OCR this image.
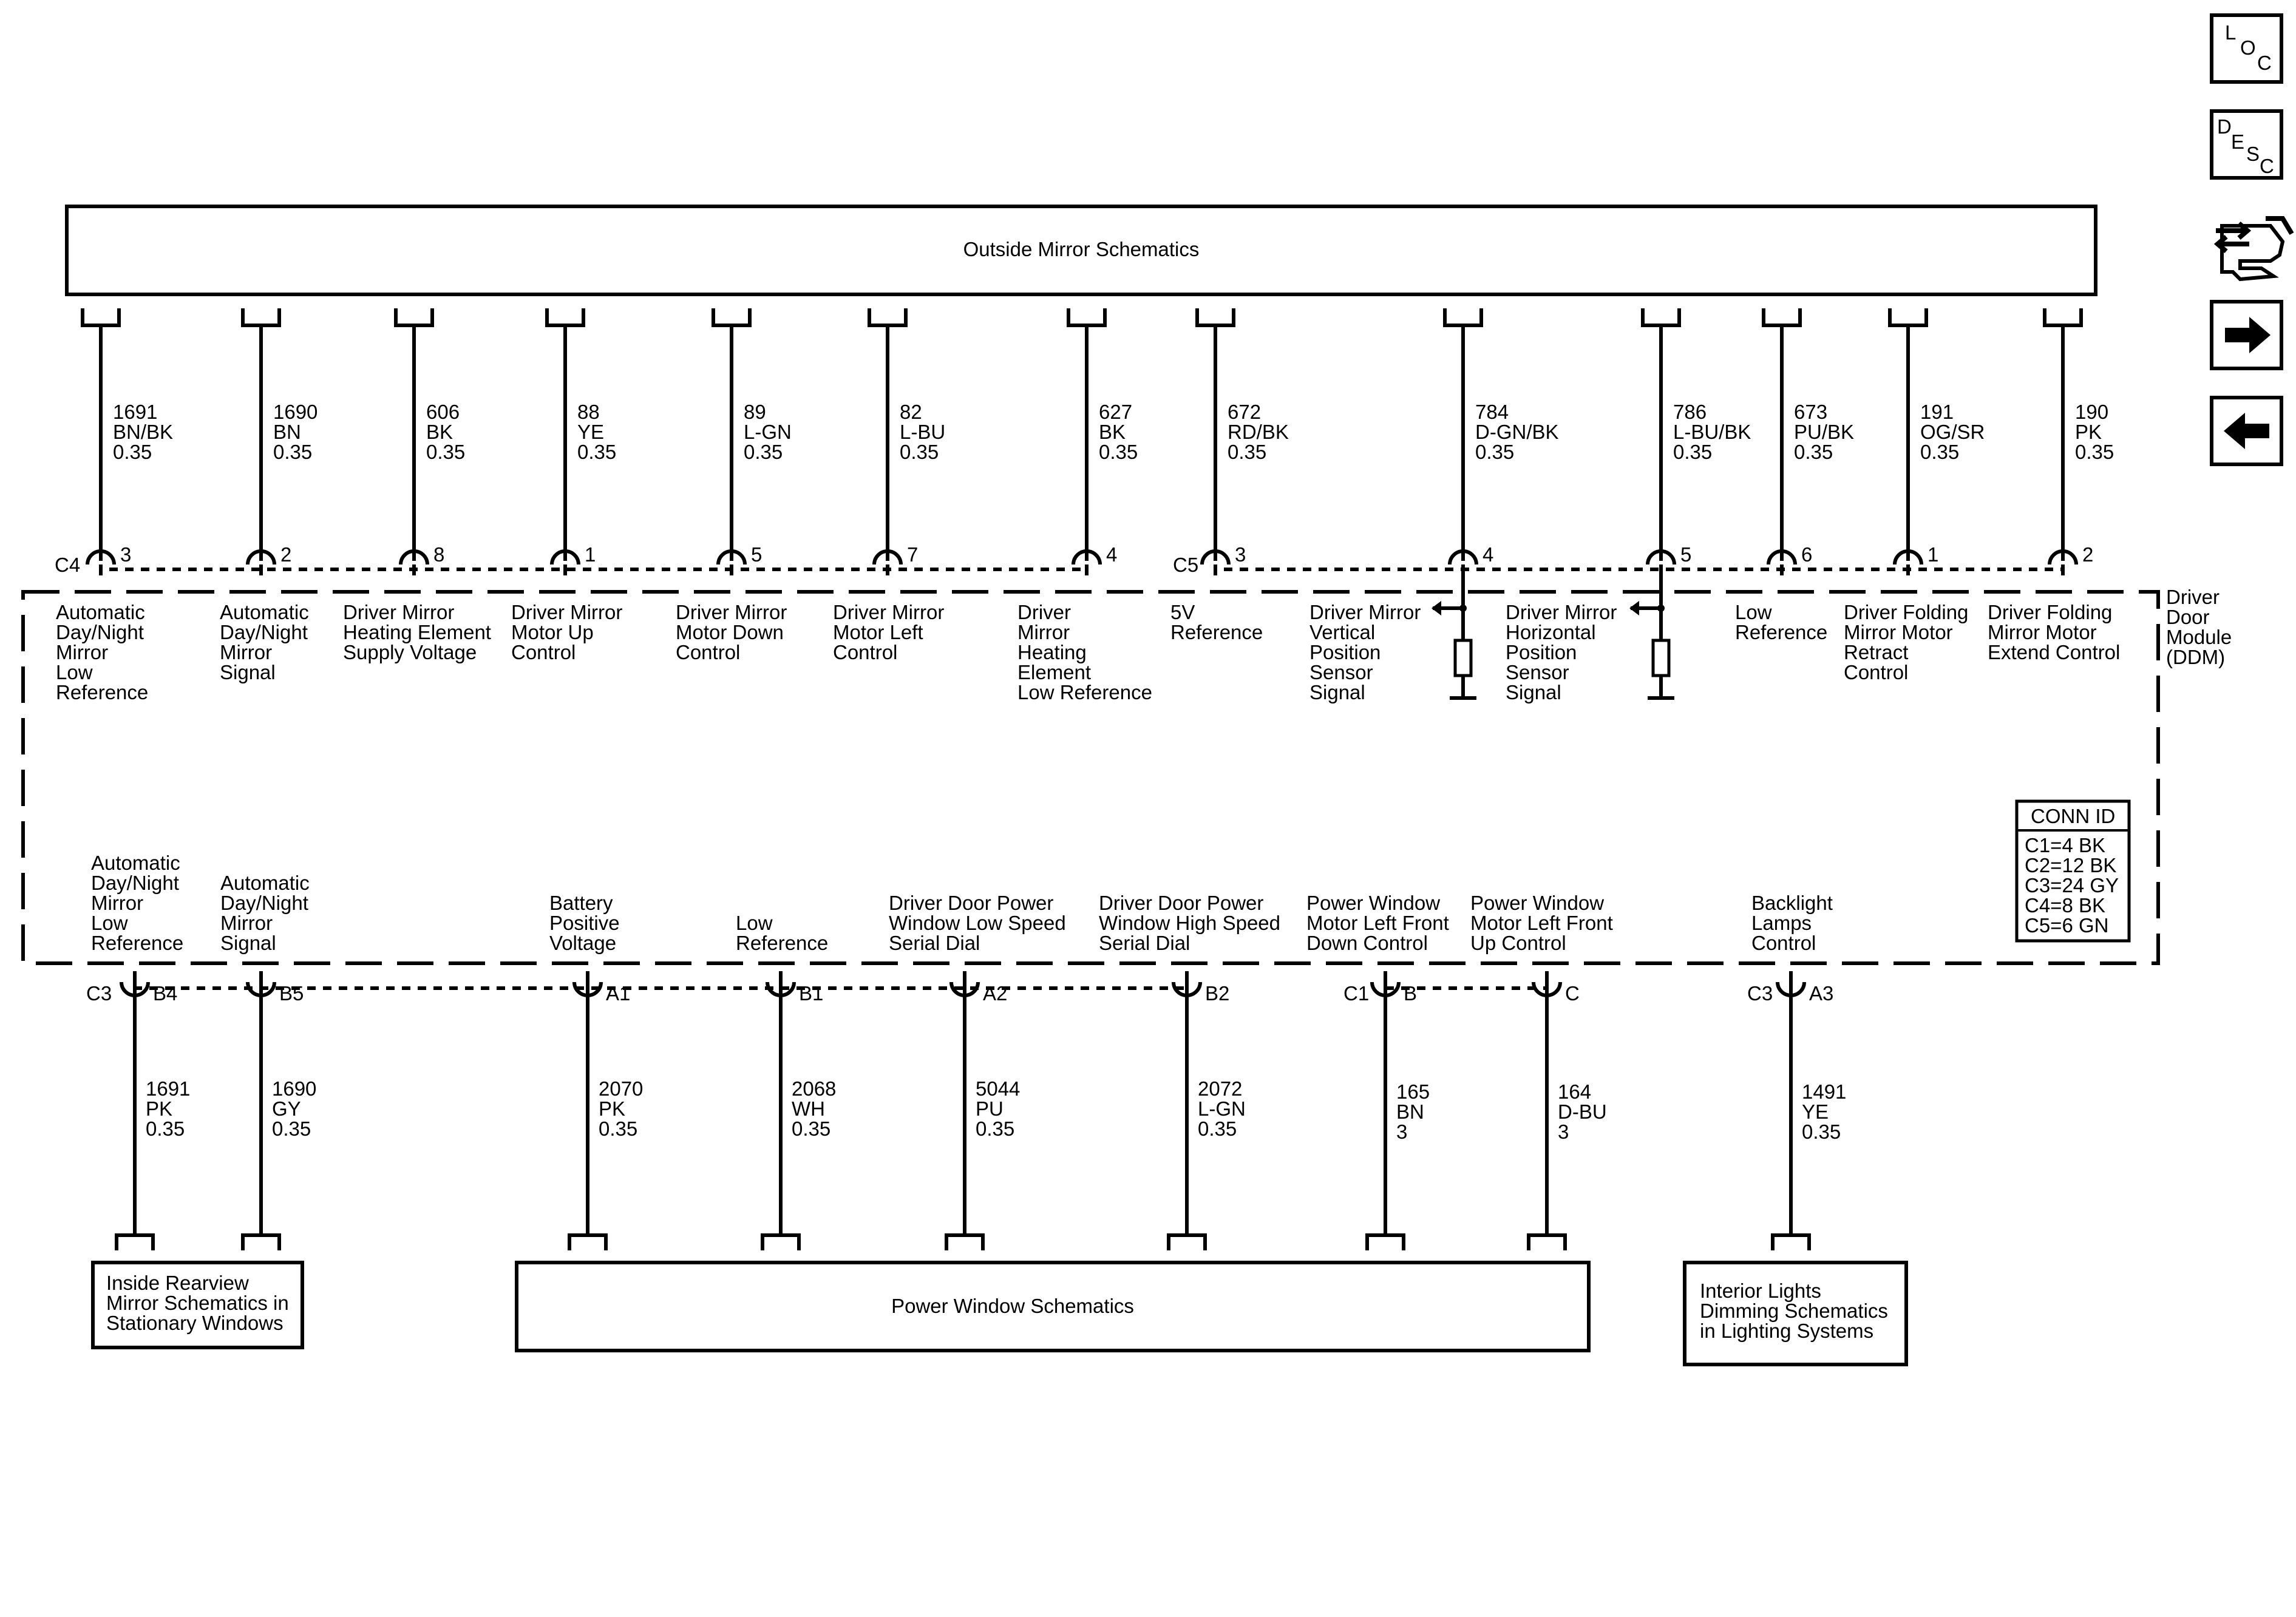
L
O
C
D
E
S
C
Outside Mirror Schematics
Driver
Door
Module
(DDM)
C4	C5
C3	C1	C3
CONN ID
C1=4 BK
C2=12 BK
C3=24 GY
C4=8 BK
C5=6 GN
Inside Rearview
Mirror Schematics in
Stationary Windows
Power Window Schematics
Interior Lights
Dimming Schematics
in Lighting Systems
1691
BN/BK
0.35
3
1690
BN
0.35
2
606
BK
0.35
8
88
YE
0.35
1
89
L-GN
0.35
5
82
L-BU
0.35
7
627
BK
0.35
4
672
RD/BK
0.35
3
784
D-GN/BK
0.35
4
786
L-BU/BK
0.35
5
673
PU/BK
0.35
6
191
OG/SR
0.35
1
190
PK
0.35
2
Automatic
Day/Night
Mirror
Low
Reference
Automatic
Day/Night
Mirror
Signal
Driver Mirror
Heating Element
Supply Voltage
Driver Mirror
Motor Up
Control
Driver Mirror
Motor Down
Control
Driver Mirror
Motor Left
Control
Driver
Mirror
Heating
Element
Low Reference
5V
Reference
Driver Mirror
Vertical
Position
Sensor
Signal
Driver Mirror
Horizontal
Position
Sensor
Signal
Low
Reference
Driver Folding
Mirror Motor
Retract
Control
Driver Folding
Mirror Motor
Extend Control
B4
1691
PK
0.35
B5
1690
GY
0.35
A1
2070
PK
0.35
B1
2068
WH
0.35
A2
5044
PU
0.35
B2
2072
L-GN
0.35
B
165
BN
3
C
164
D-BU
3
A3
1491
YE
0.35
Automatic
Day/Night
Mirror
Low
Reference
Automatic
Day/Night
Mirror
Signal
Battery
Positive
Voltage
Low
Reference
Driver Door Power
Window Low Speed
Serial Dial
Driver Door Power
Window High Speed
Serial Dial
Power Window
Motor Left Front
Down Control
Power Window
Motor Left Front
Up Control
Backlight
Lamps
Control
